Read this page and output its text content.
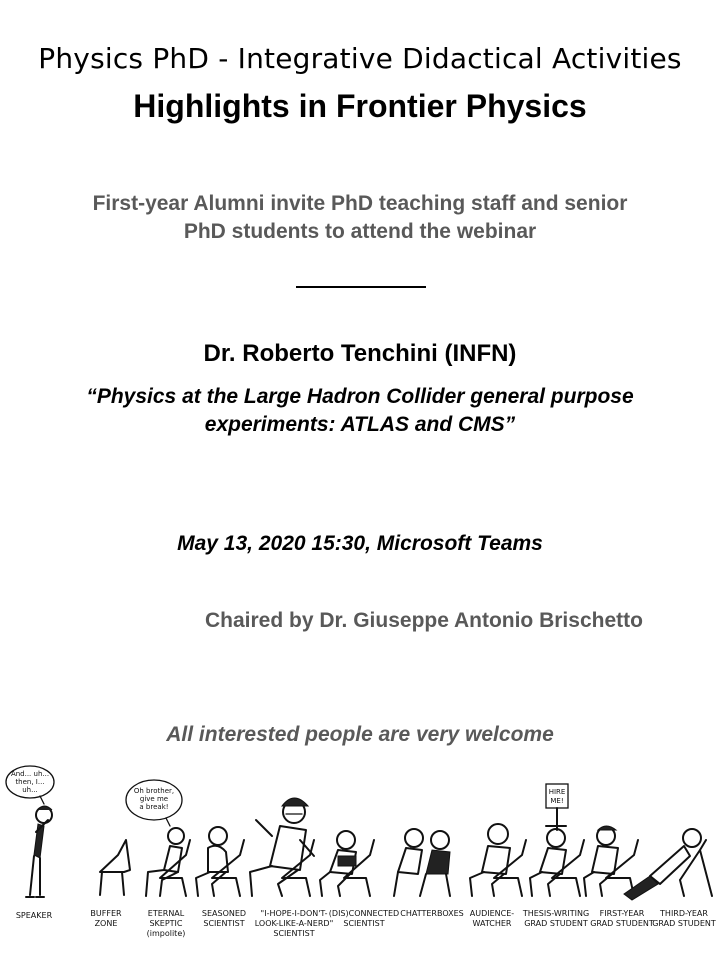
Physics PhD - Integrative Didactical Activities
Highlights in Frontier Physics
First-year Alumni invite PhD teaching staff and senior
PhD students to attend the webinar
Dr. Roberto Tenchini (INFN)
“Physics at the Large Hadron Collider general purpose
experiments: ATLAS and CMS”
May 13, 2020 15:30, Microsoft Teams
Chaired by Dr. Giuseppe Antonio Brischetto
All interested people are very welcome
And... uh...
then, I...
uh...	Oh brother,
give me
a break!
HIRE
ME!
SPEAKER	BUFFER
ZONE
ETERNAL
SKEPTIC
(impolite)
SEASONED
SCIENTIST
"I-HOPE-I-DON'T-
LOOK-LIKE-A-NERD"
SCIENTIST
(DIS)CONNECTED
SCIENTIST
CHATTERBOXES AUDIENCE-
WATCHER
THESIS-WRITING
GRAD STUDENT
FIRST-YEAR
GRAD STUDENT
THIRD-YEAR
GRAD STUDENT
